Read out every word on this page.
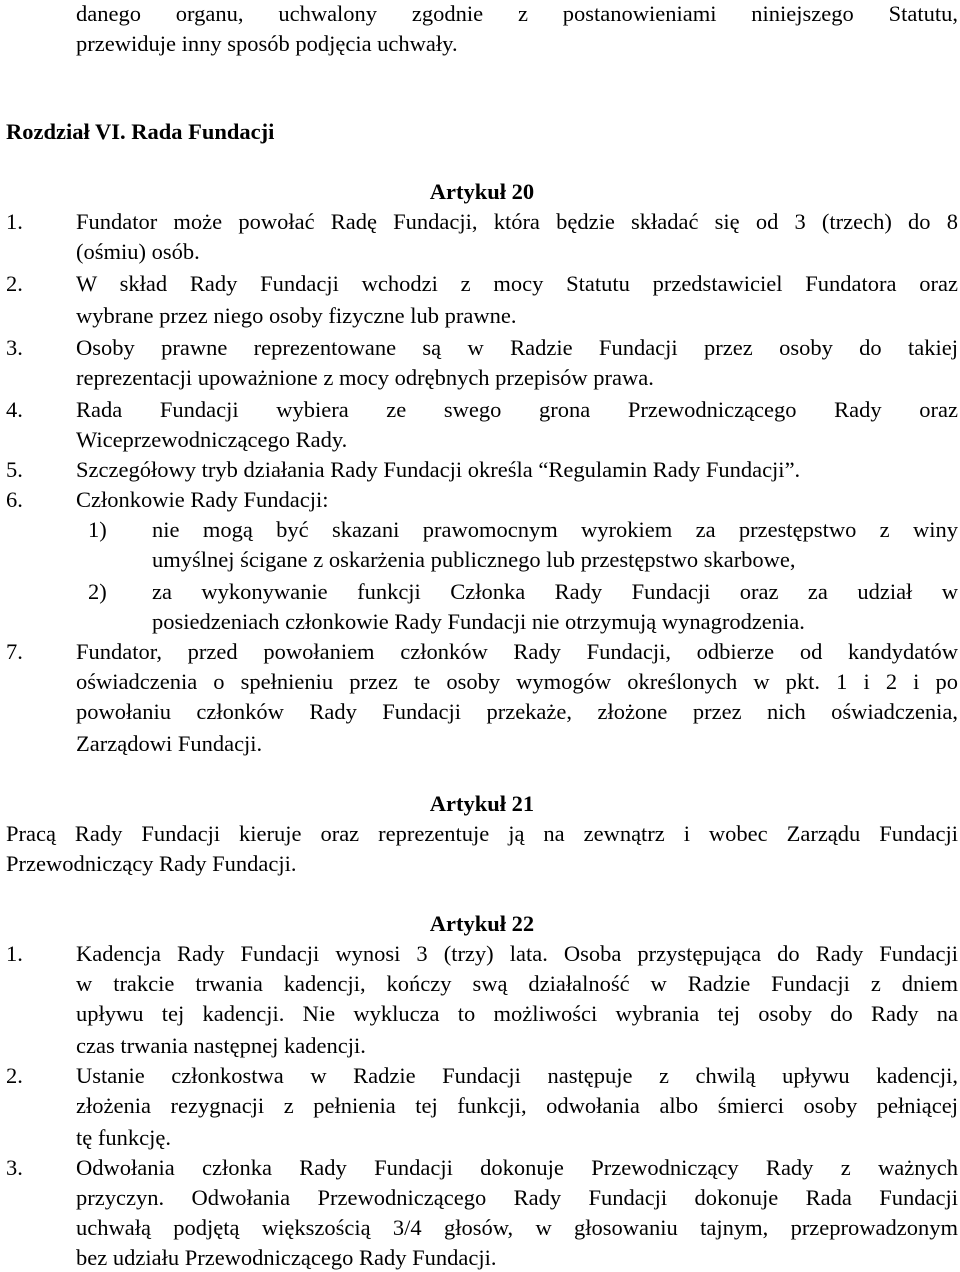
danego organu, uchwalony zgodnie z postanowieniami niniejszego Statutu,
przewiduje inny sposób podjęcia uchwały.
Rozdział VI. Rada Fundacji
Artykuł 20
1. Fundator może powołać Radę Fundacji, która będzie składać się od 3 (trzech) do 8
(ośmiu) osób.
2. W skład Rady Fundacji wchodzi z mocy Statutu przedstawiciel Fundatora oraz
wybrane przez niego osoby fizyczne lub prawne.
3. Osoby prawne reprezentowane są w Radzie Fundacji przez osoby do takiej
reprezentacji upoważnione z mocy odrębnych przepisów prawa.
4. Rada Fundacji wybiera ze swego grona Przewodniczącego Rady oraz
Wiceprzewodniczącego Rady.
5. Szczegółowy tryb działania Rady Fundacji określa “Regulamin Rady Fundacji”.
6. Członkowie Rady Fundacji:
1) nie mogą być skazani prawomocnym wyrokiem za przestępstwo z winy
umyślnej ścigane z oskarżenia publicznego lub przestępstwo skarbowe,
2) za wykonywanie funkcji Członka Rady Fundacji oraz za udział w
posiedzeniach członkowie Rady Fundacji nie otrzymują wynagrodzenia.
7. Fundator, przed powołaniem członków Rady Fundacji, odbierze od kandydatów
oświadczenia o spełnieniu przez te osoby wymogów określonych w pkt. 1 i 2 i po
powołaniu członków Rady Fundacji przekaże, złożone przez nich oświadczenia,
Zarządowi Fundacji.
Artykuł 21
Pracą Rady Fundacji kieruje oraz reprezentuje ją na zewnątrz i wobec Zarządu Fundacji
Przewodniczący Rady Fundacji.
Artykuł 22
1. Kadencja Rady Fundacji wynosi 3 (trzy) lata. Osoba przystępująca do Rady Fundacji
w trakcie trwania kadencji, kończy swą działalność w Radzie Fundacji z dniem
upływu tej kadencji. Nie wyklucza to możliwości wybrania tej osoby do Rady na
czas trwania następnej kadencji.
2. Ustanie członkostwa w Radzie Fundacji następuje z chwilą upływu kadencji,
złożenia rezygnacji z pełnienia tej funkcji, odwołania albo śmierci osoby pełniącej
tę funkcję.
3. Odwołania członka Rady Fundacji dokonuje Przewodniczący Rady z ważnych
przyczyn. Odwołania Przewodniczącego Rady Fundacji dokonuje Rada Fundacji
uchwałą podjętą większością 3/4 głosów, w głosowaniu tajnym, przeprowadzonym
bez udziału Przewodniczącego Rady Fundacji.
